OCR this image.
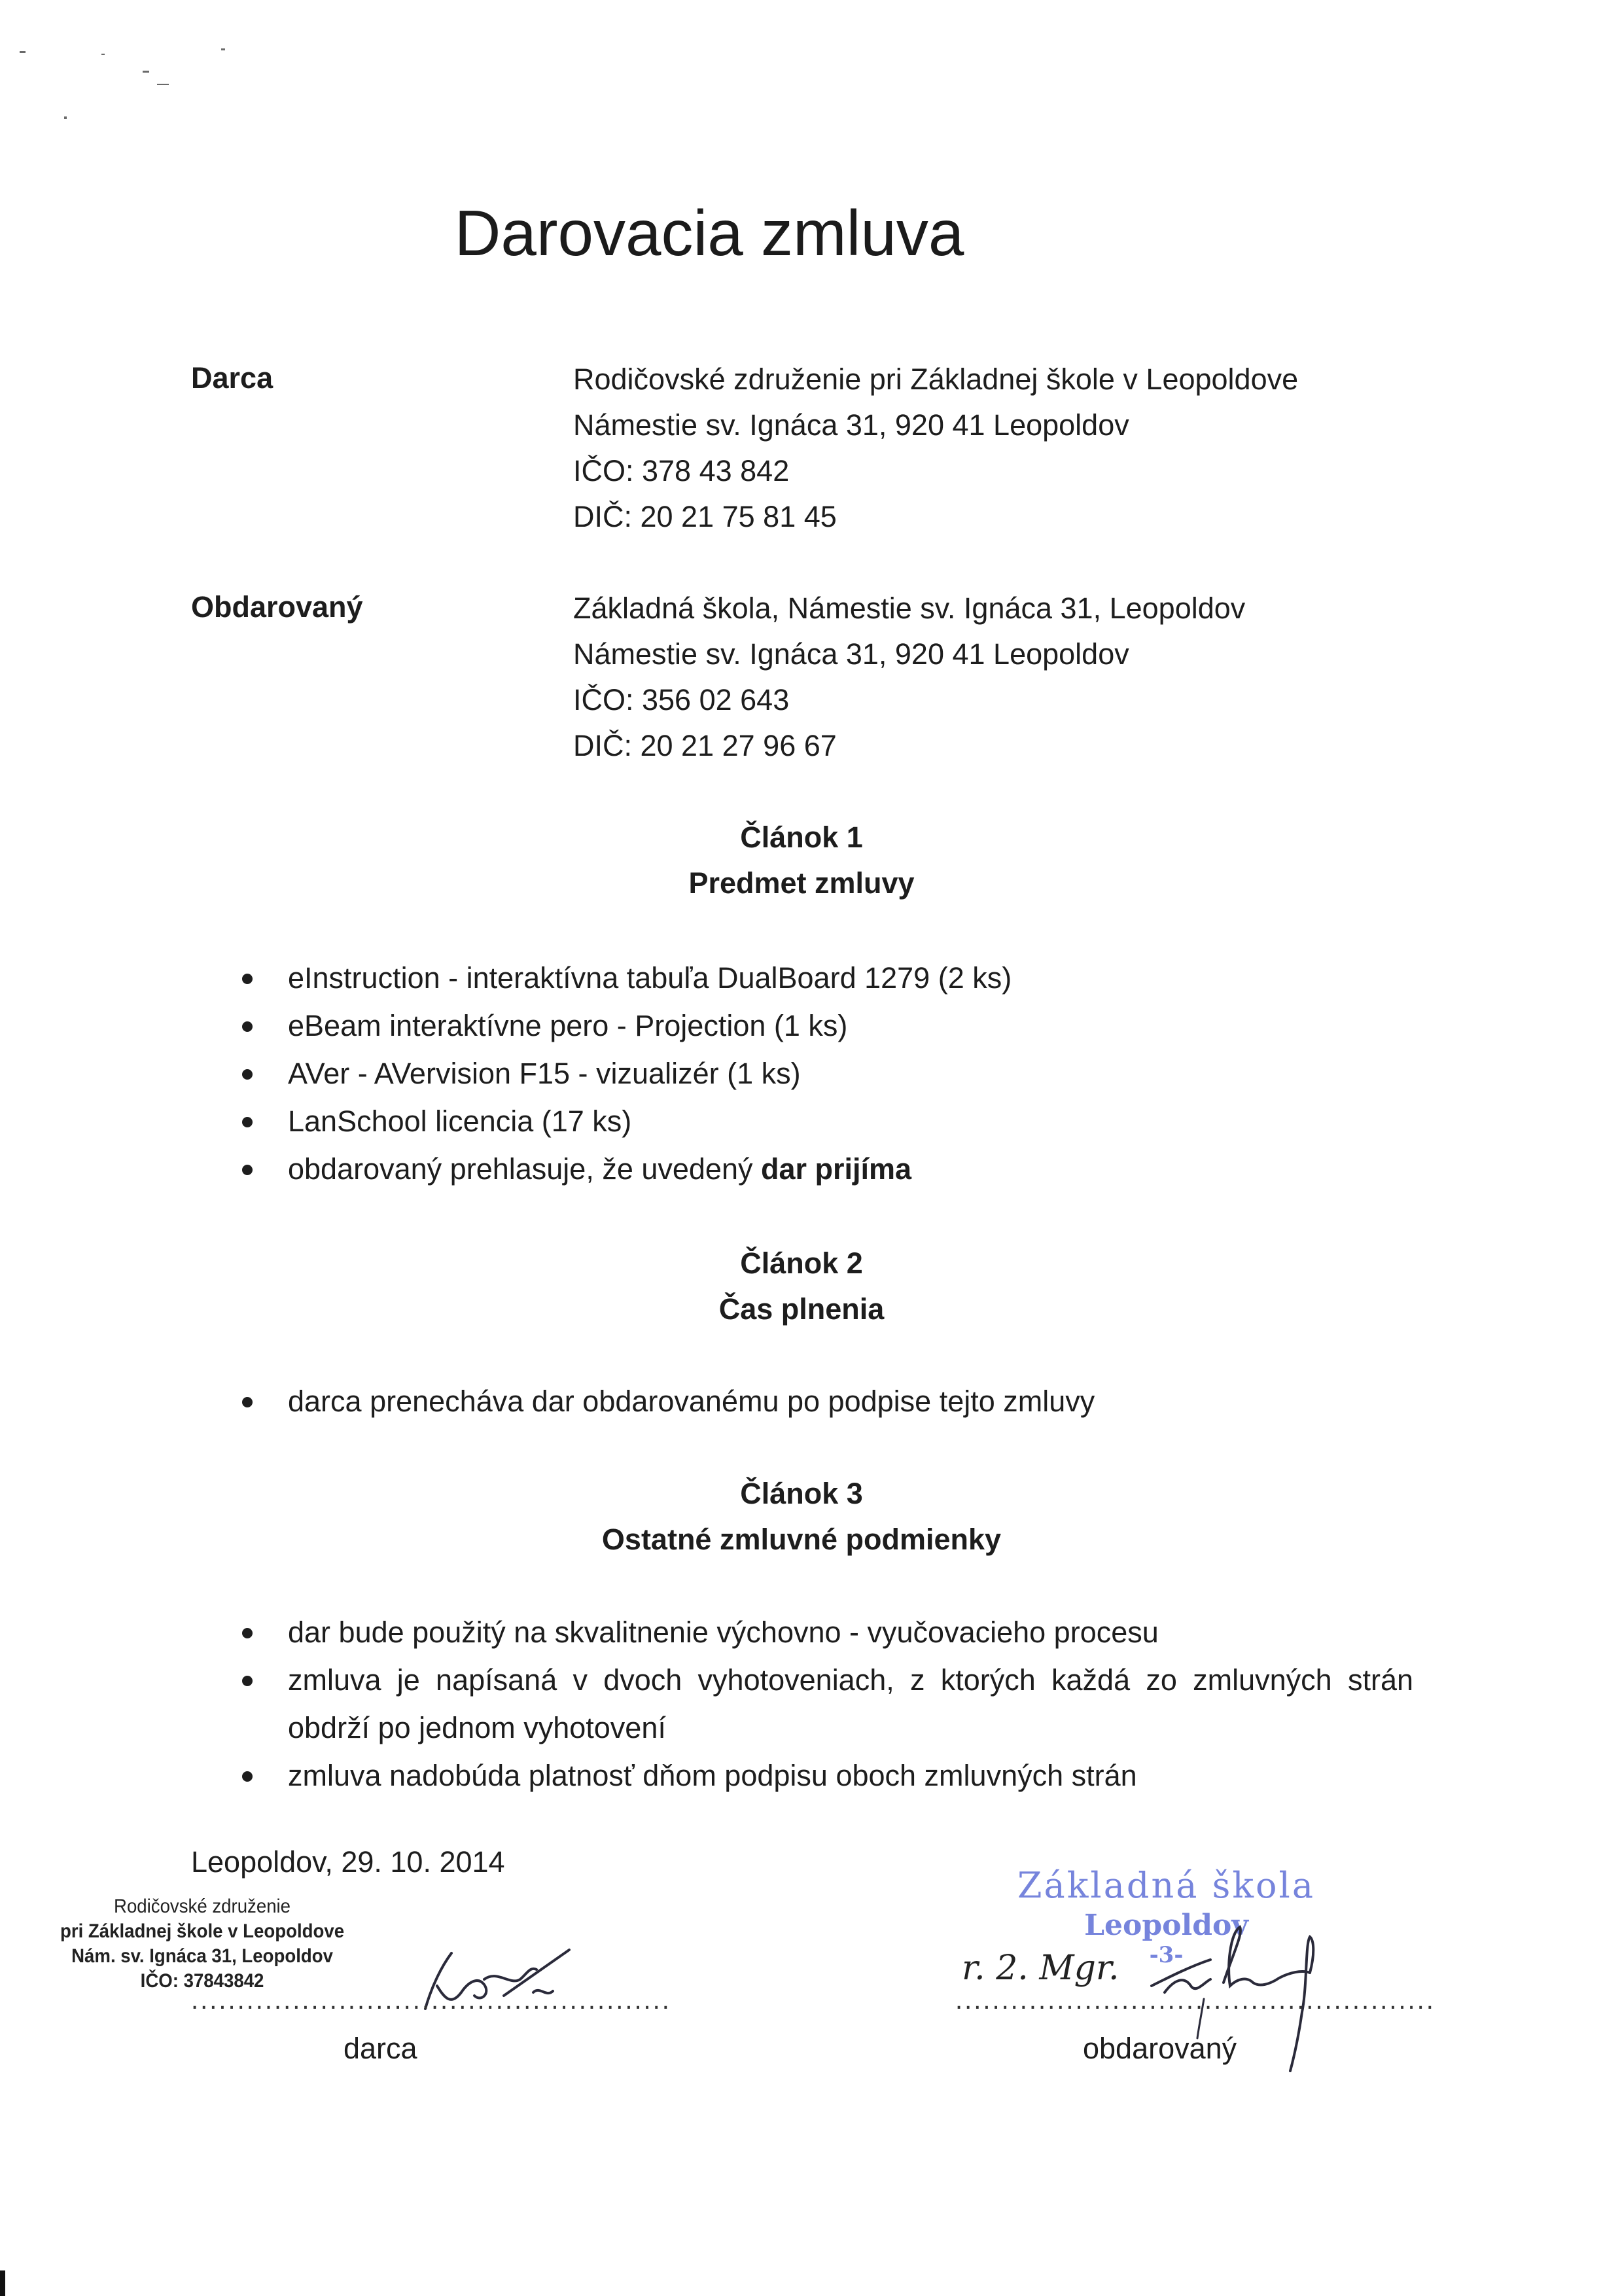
Darovacia zmluva
Darca	Rodičovské združenie pri Základnej škole v Leopoldove
Námestie sv. Ignáca 31, 920 41 Leopoldov
IČO: 378 43 842
DIČ: 20 21 75 81 45
Obdarovaný	Základná škola, Námestie sv. Ignáca 31, Leopoldov
Námestie sv. Ignáca 31, 920 41 Leopoldov
IČO: 356 02 643
DIČ: 20 21 27 96 67
Článok 1
Predmet zmluvy
eInstruction - interaktívna tabuľa DualBoard 1279 (2 ks)
eBeam interaktívne pero - Projection (1 ks)
AVer - AVervision F15 - vizualizér (1 ks)
LanSchool licencia (17 ks)
obdarovaný prehlasuje, že uvedený dar prijíma
Článok 2
Čas plnenia
darca prenecháva dar obdarovanému po podpise tejto zmluvy
Článok 3
Ostatné zmluvné podmienky
dar bude použitý na skvalitnenie výchovno - vyučovacieho procesu
zmluva je napísaná v dvoch vyhotoveniach, z ktorých každá zo zmluvných strán obdrží po jednom vyhotovení
zmluva nadobúda platnosť dňom podpisu oboch zmluvných strán
Leopoldov, 29. 10. 2014
Rodičovské združenie
pri Základnej škole v Leopoldove
Nám. sv. Ignáca 31, Leopoldov
IČO: 37843842
....................................................
darca
Základná škola
Leopoldov
-3-
r. 2. Mgr.
....................................................
obdarovaný
